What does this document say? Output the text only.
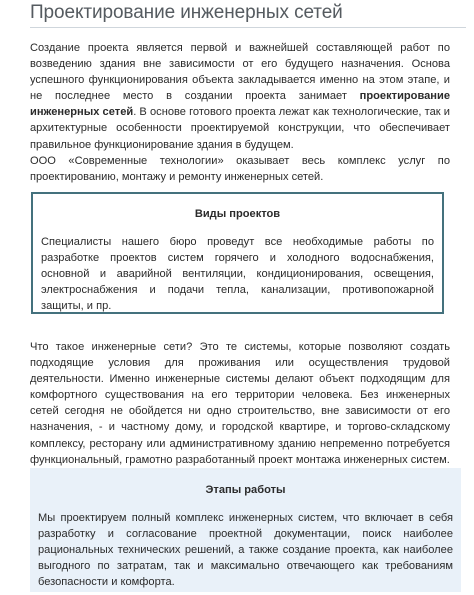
Проектирование инженерных сетей

Создание проекта является первой и важнейшей составляющей работ по возведению здания вне зависимости от его будущего назначения. Основа успешного функционирования объекта закладывается именно на этом этапе, и не последнее место в создании проекта занимает проектирование инженерных сетей. В основе готового проекта лежат как технологические, так и архитектурные особенности проектируемой конструкции, что обеспечивает правильное функционирование здания в будущем.

ООО «Современные технологии» оказывает весь комплекс услуг по проектированию, монтажу и ремонту инженерных сетей.

Виды проектов

Специалисты нашего бюро проведут все необходимые работы по разработке проектов систем горячего и холодного водоснабжения, основной и аварийной вентиляции, кондиционирования, освещения, электроснабжения и подачи тепла, канализации, противопожарной защиты, и пр.

Что такое инженерные сети? Это те системы, которые позволяют создать подходящие условия для проживания или осуществления трудовой деятельности. Именно инженерные системы делают объект подходящим для комфортного существования на его территории человека. Без инженерных сетей сегодня не обойдется ни одно строительство, вне зависимости от его назначения, - и частному дому, и городской квартире, и торгово-складскому комплексу, ресторану или административному зданию непременно потребуется функциональный, грамотно разработанный проект монтажа инженерных систем.

Этапы работы

Мы проектируем полный комплекс инженерных систем, что включает в себя разработку и согласование проектной документации, поиск наиболее рациональных технических решений, а также создание проекта, как наиболее выгодного по затратам, так и максимально отвечающего как требованиям безопасности и комфорта.
